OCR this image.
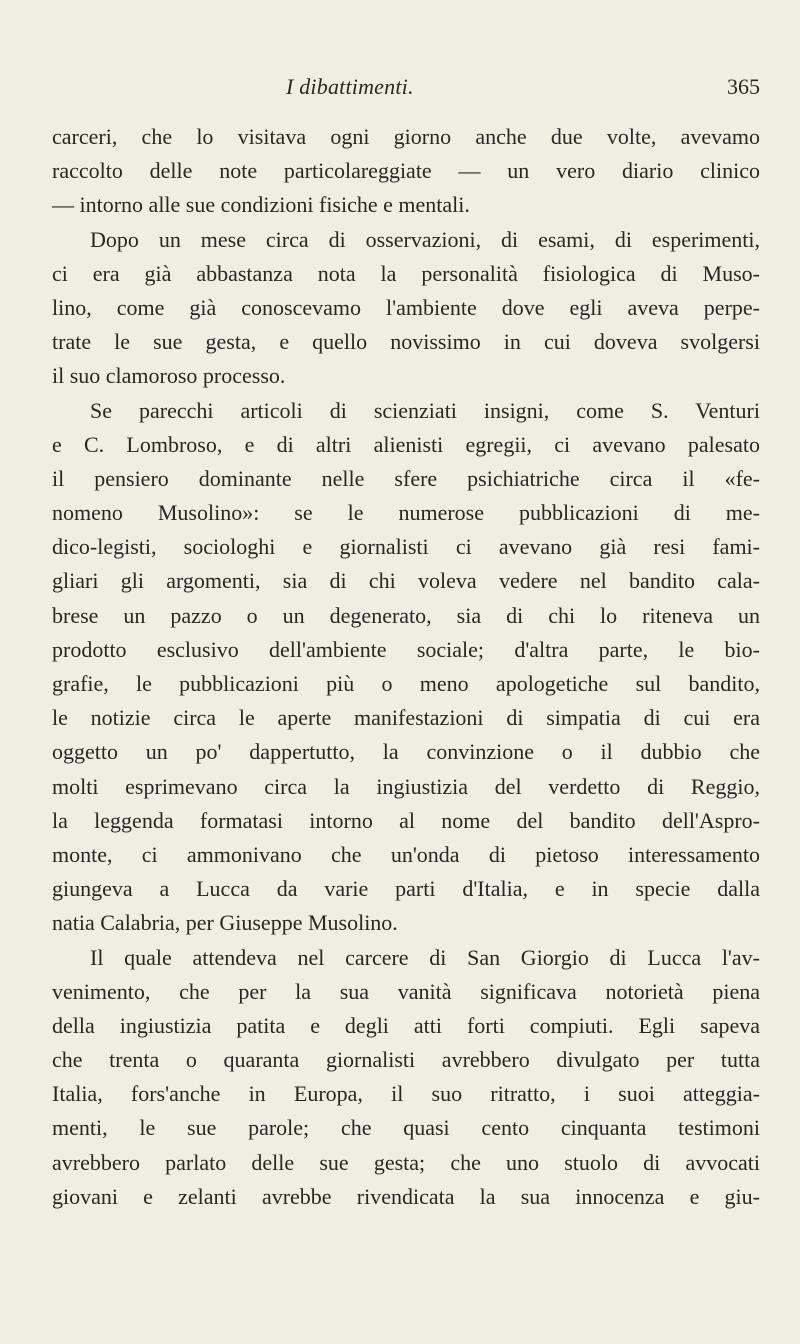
I dibattimenti.	365
carceri, che lo visitava ogni giorno anche due volte, avevamo
raccolto delle note particolareggiate — un vero diario clinico
— intorno alle sue condizioni fisiche e mentali.
Dopo un mese circa di osservazioni, di esami, di esperimenti,
ci era già abbastanza nota la personalità fisiologica di Muso-
lino, come già conoscevamo l'ambiente dove egli aveva perpe-
trate le sue gesta, e quello novissimo in cui doveva svolgersi
il suo clamoroso processo.
Se parecchi articoli di scienziati insigni, come S. Venturi
e C. Lombroso, e di altri alienisti egregii, ci avevano palesato
il pensiero dominante nelle sfere psichiatriche circa il «fe-
nomeno Musolino»: se le numerose pubblicazioni di me-
dico-legisti, sociologhi e giornalisti ci avevano già resi fami-
gliari gli argomenti, sia di chi voleva vedere nel bandito cala-
brese un pazzo o un degenerato, sia di chi lo riteneva un
prodotto esclusivo dell'ambiente sociale; d'altra parte, le bio-
grafie, le pubblicazioni più o meno apologetiche sul bandito,
le notizie circa le aperte manifestazioni di simpatia di cui era
oggetto un po' dappertutto, la convinzione o il dubbio che
molti esprimevano circa la ingiustizia del verdetto di Reggio,
la leggenda formatasi intorno al nome del bandito dell'Aspro-
monte, ci ammonivano che un'onda di pietoso interessamento
giungeva a Lucca da varie parti d'Italia, e in specie dalla
natia Calabria, per Giuseppe Musolino.
Il quale attendeva nel carcere di San Giorgio di Lucca l'av-
venimento, che per la sua vanità significava notorietà piena
della ingiustizia patita e degli atti forti compiuti. Egli sapeva
che trenta o quaranta giornalisti avrebbero divulgato per tutta
Italia, fors'anche in Europa, il suo ritratto, i suoi atteggia-
menti, le sue parole; che quasi cento cinquanta testimoni
avrebbero parlato delle sue gesta; che uno stuolo di avvocati
giovani e zelanti avrebbe rivendicata la sua innocenza e giu-
